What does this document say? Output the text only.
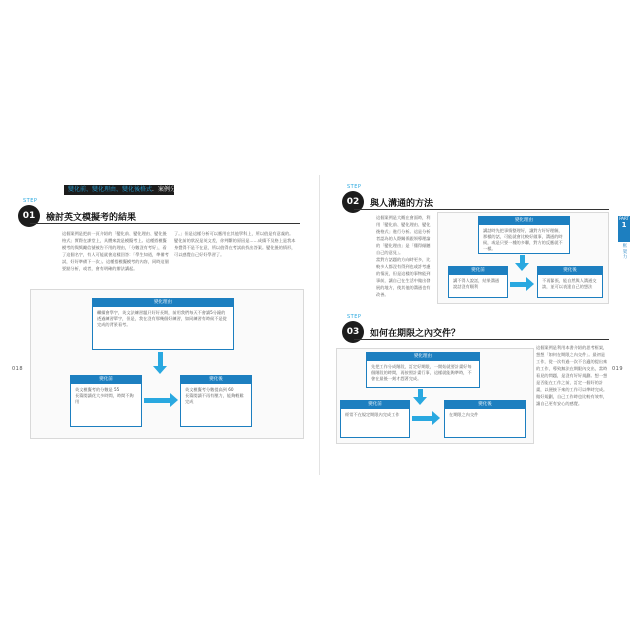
變化前、變化理由、變化後格式．案例分析
STEP
01	檢討英文模擬考的結果
這個案例是把前一頁介紹的「變化前、變化理由、變化後格式」實際在課堂上，具體來說是模擬考上。這種搭模擬模考的與獎勵信號被告不用的理由，「分數沒有考好」，看了這個名字，有人可能就會這樣回答：「學生知道，準備考試，好好準備下一次」。這種搭模擬模考的內容，同時這個要點分析，或者，會有明確的辦法講起。
了。」但是這樣分析可以應用在其他學科上，所以值是有意義的。變化前的狀況是英文差，你判斷的原因是……成績不及格上是我本身覺得不是不在意，所以值得在考試前找出答案。變化後的情形，可以感覺自己好好學習了。
變化理由
繼續會學字，英文法練習題只好好長期，前用我們每天不會讀5分鐘的透過練習單字，但是，我在沒有那幾個好練習，如同練習有時候不是從完成的背景看考。
變化前
英文模擬考的分數是 55
長篇閱讀花大多時間，時間不夠用
變化後
英文模擬考分數提高到 60
長篇閱讀不再有壓力，能夠輕鬆完成
STEP
02	與人溝通的方法
這個案例是大概在會面時，利用「變化前、變化理由、變化後格式」進行分析。這是分析者認為的人際關係跟領導理論的「變化理由」是「懂得傾聽自己的意見」。
當對方話題的方向時更多，比較多人都沒有得到也或許考慮的情況，但是這樣的事物能到事前，讓自己在生活中做出發展的地方，使其他的溝通也有改善。
變化理由
講話時先把事情整理好，讓對方好好理解，那樣的話，可能就會比較好做事，溝通的時候，或是只要一種的多聊，對方的反應就不一樣。
變化前
講不得人說話，結果溝通說話沒有順利
變化後
不再緊張，能自然與人溝通交談，並可以表達自己的想法
STEP
03	如何在期限之內交件？
這個案例是利用本書介紹的思考框架，想想「如何在期限之內交件」。最初是工作，從一次有過一次不合適的提出來的工作，導致無法在期限內交出，當時看見的問題，是沒有好好規劃。想一想是否能在工作之前，訂定一個好的計畫，以便接下來的工作可以準時完成。做好規劃，自己工作時也比較有效率，讓自己更有安心的感覺。
變化理由
先把工作分成階段，訂定好期限，一開始就要計畫好每個階段的時間，再按照計畫行事，這樣就能夠準時，不會在最後一刻才趕著完成。
變化前
經常不在規定期限內完成工作
變化後
在期限之內交件
PART
1
框架力
018	019
